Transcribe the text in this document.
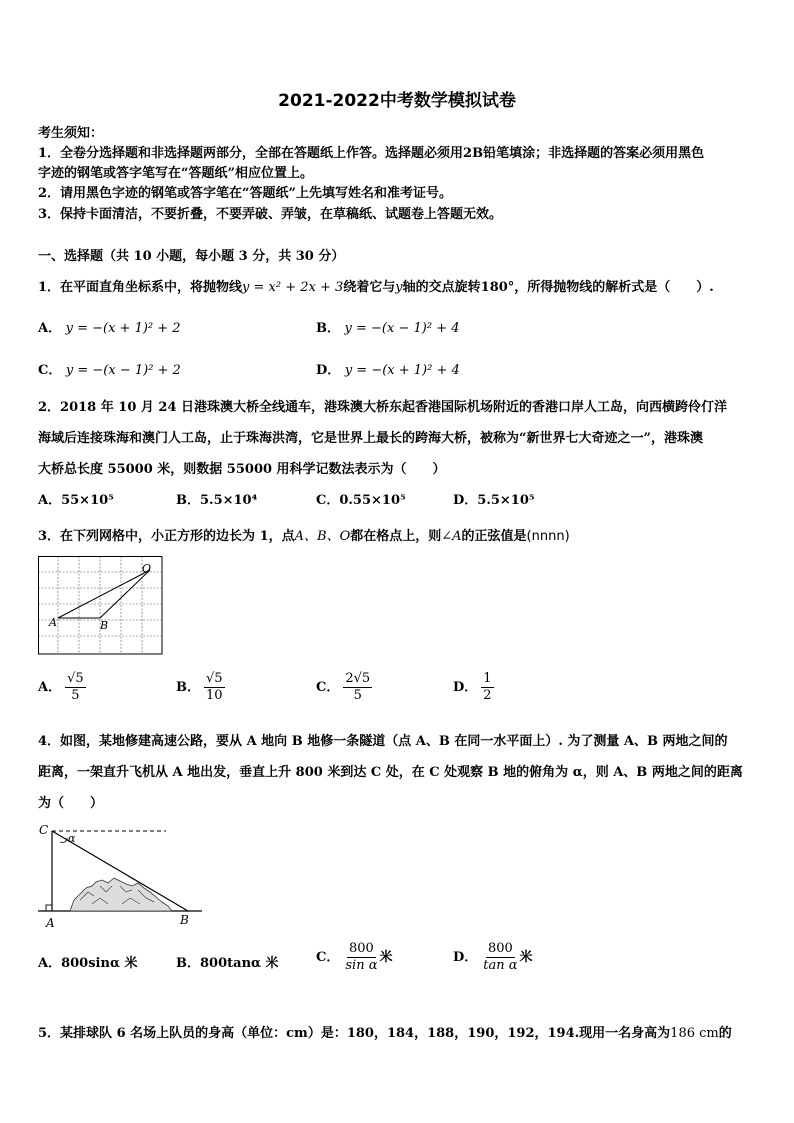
2021-2022中考数学模拟试卷
考生须知：
1．全卷分选择题和非选择题两部分，全部在答题纸上作答。选择题必须用2B铅笔填涂；非选择题的答案必须用黑色
字迹的钢笔或答字笔写在“答题纸”相应位置上。
2．请用黑色字迹的钢笔或答字笔在“答题纸”上先填写姓名和准考证号。
3．保持卡面清洁，不要折叠，不要弄破、弄皱，在草稿纸、试题卷上答题无效。
一、选择题（共 10 小题，每小题 3 分，共 30 分）
1．在平面直角坐标系中，将抛物线y = x² + 2x + 3绕着它与y轴的交点旋转180°，所得抛物线的解析式是（　　）.
A． y = −(x + 1)² + 2	B． y = −(x − 1)² + 4
C． y = −(x − 1)² + 2	D． y = −(x + 1)² + 4
2．2018 年 10 月 24 日港珠澳大桥全线通车，港珠澳大桥东起香港国际机场附近的香港口岸人工岛，向西横跨伶仃洋
海域后连接珠海和澳门人工岛，止于珠海洪湾，它是世界上最长的跨海大桥，被称为“新世界七大奇迹之一”，港珠澳
大桥总长度 55000 米，则数据 55000 用科学记数法表示为（　　）
A．55×10⁵	B．5.5×10⁴	C．0.55×10⁵	D．5.5×10⁵
3．在下列网格中，小正方形的边长为 1，点A、B、O都在格点上，则∠A的正弦值是(nnnn)
A	B
O
A． $\frac{√5}{5}$	B． $\frac{√5}{10}$	C． $\frac{2√5}{5}$	D． $\frac{1}{2}$
4．如图，某地修建高速公路，要从 A 地向 B 地修一条隧道（点 A、B 在同一水平面上）. 为了测量 A、B 两地之间的
距离，一架直升飞机从 A 地出发，垂直上升 800 米到达 C 处，在 C 处观察 B 地的俯角为 α，则 A、B 两地之间的距离
为（　　）
C
α
A	B
A．800sinα 米	B．800tanα 米	C． $\frac{800}{\text{sin α}}$ 米	D． $\frac{800}{\text{tan α}}$ 米
5．某排球队 6 名场上队员的身高（单位：cm）是：180，184，188，190，192，194.现用一名身高为186 cm的
